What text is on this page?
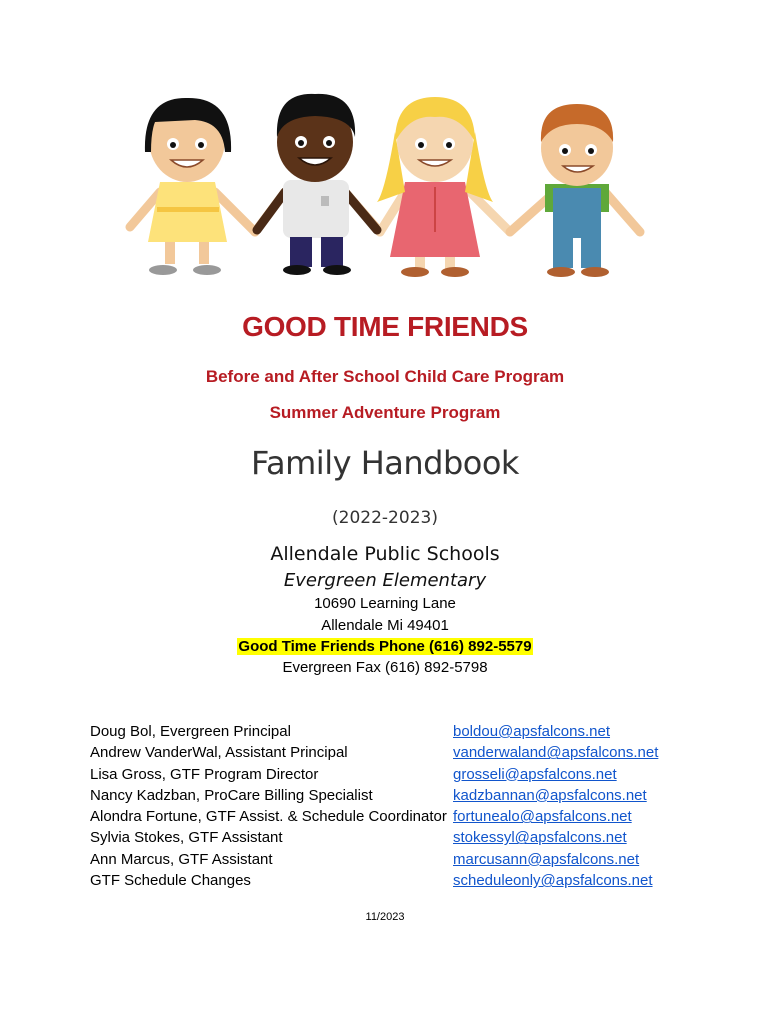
GOOD TIME FRIENDS
Before and After School Child Care Program
Summer Adventure Program
Family Handbook
(2022-2023)
Allendale Public Schools
Evergreen Elementary
10690 Learning Lane
Allendale Mi 49401
Good Time Friends Phone (616) 892-5579
Evergreen Fax (616) 892-5798
Doug Bol, Evergreen Principal	boldou@apsfalcons.net
Andrew VanderWal, Assistant Principal	vanderwaland@apsfalcons.net
Lisa Gross, GTF Program Director	grosseli@apsfalcons.net
Nancy Kadzban, ProCare Billing Specialist	kadzbannan@apsfalcons.net
Alondra Fortune, GTF Assist. & Schedule Coordinator fortunealo@apsfalcons.net
Sylvia Stokes, GTF Assistant	stokessyl@apsfalcons.net
Ann Marcus, GTF Assistant	marcusann@apsfalcons.net
GTF Schedule Changes	scheduleonly@apsfalcons.net
11/2023
